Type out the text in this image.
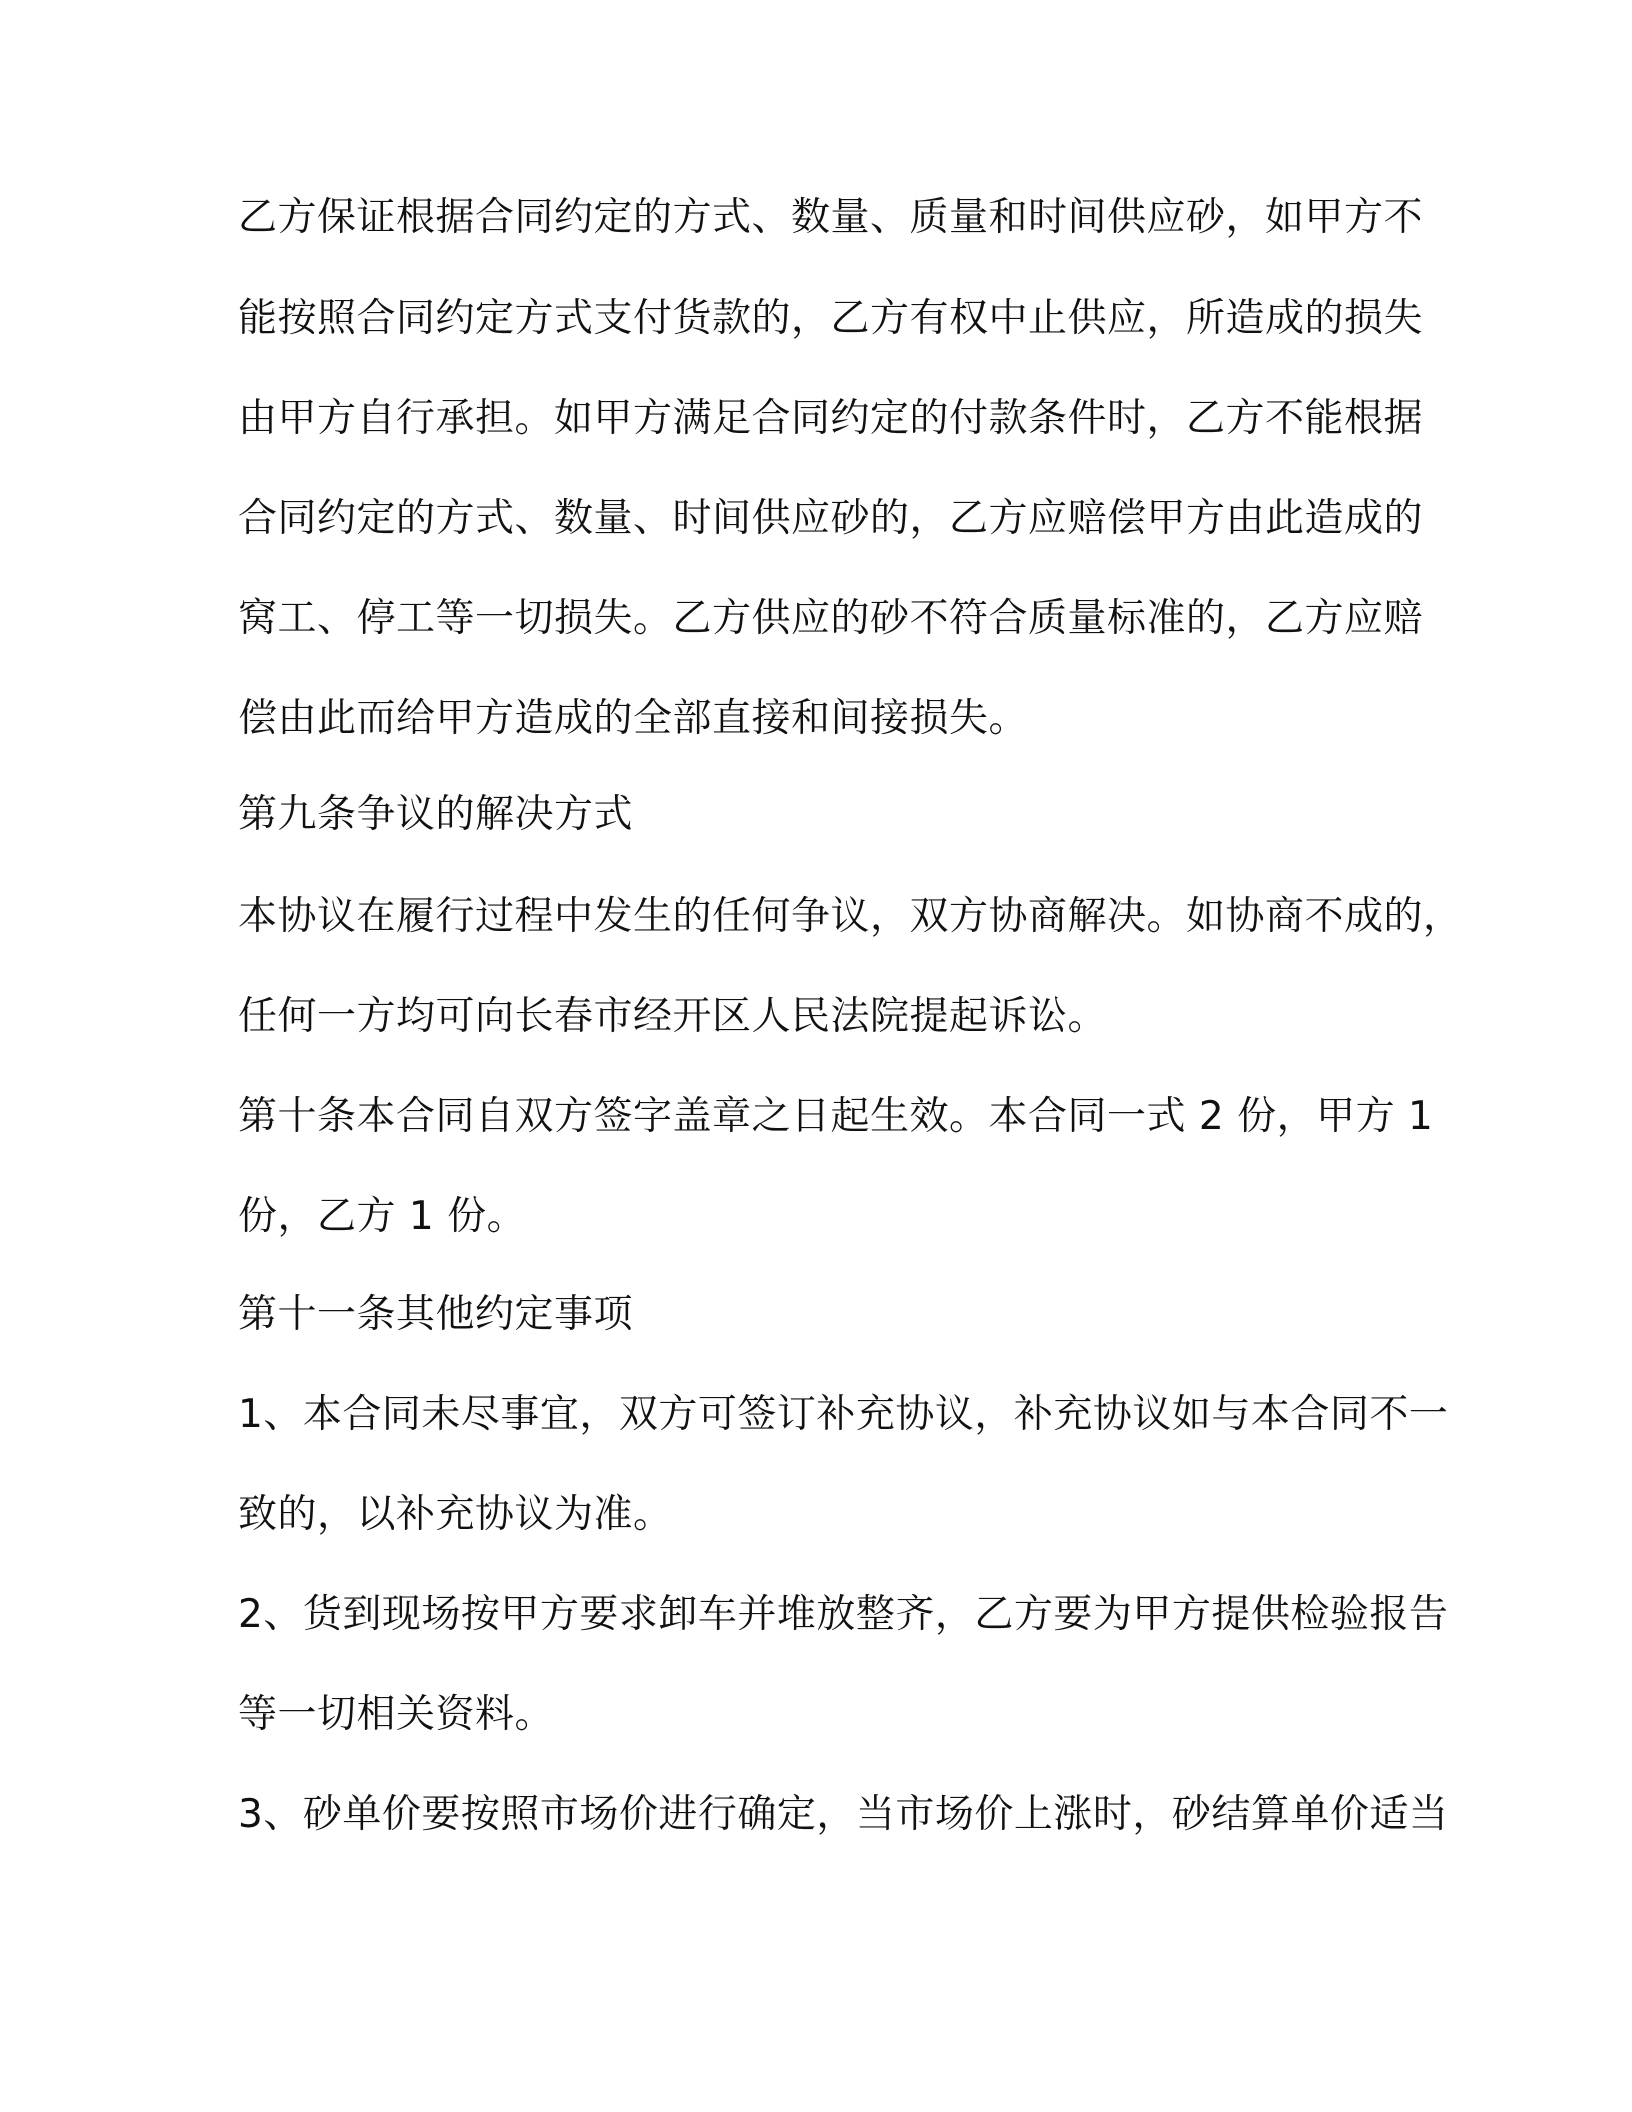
乙方保证根据合同约定的方式、数量、质量和时间供应砂，如甲方不
能按照合同约定方式支付货款的，乙方有权中止供应，所造成的损失
由甲方自行承担。如甲方满足合同约定的付款条件时，乙方不能根据
合同约定的方式、数量、时间供应砂的，乙方应赔偿甲方由此造成的
窝工、停工等一切损失。乙方供应的砂不符合质量标准的，乙方应赔
偿由此而给甲方造成的全部直接和间接损失。
第九条争议的解决方式
本协议在履行过程中发生的任何争议，双方协商解决。如协商不成的，
任何一方均可向长春市经开区人民法院提起诉讼。
第十条本合同自双方签字盖章之日起生效。本合同一式 2 份，甲方 1
份，乙方 1 份。
第十一条其他约定事项
1、本合同未尽事宜，双方可签订补充协议，补充协议如与本合同不一
致的，以补充协议为准。
2、货到现场按甲方要求卸车并堆放整齐，乙方要为甲方提供检验报告
等一切相关资料。
3、砂单价要按照市场价进行确定，当市场价上涨时，砂结算单价适当
